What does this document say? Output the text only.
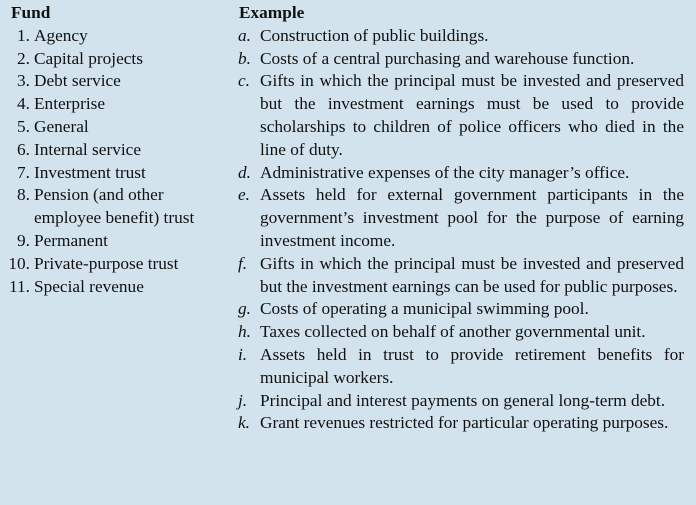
Fund
1. Agency
2. Capital projects
3. Debt service
4. Enterprise
5. General
6. Internal service
7. Investment trust
8. Pension (and other employee benefit) trust
9. Permanent
10. Private-purpose trust
11. Special revenue
Example
a. Construction of public buildings.
b. Costs of a central purchasing and warehouse function.
c. Gifts in which the principal must be invested and preserved but the investment earnings must be used to provide scholarships to children of police officers who died in the line of duty.
d. Administrative expenses of the city manager’s office.
e. Assets held for external government participants in the government’s investment pool for the purpose of earning investment income.
f. Gifts in which the principal must be invested and preserved but the investment earnings can be used for public purposes.
g. Costs of operating a municipal swimming pool.
h. Taxes collected on behalf of another governmental unit.
i. Assets held in trust to provide retirement benefits for municipal workers.
j. Principal and interest payments on general long-term debt.
k. Grant revenues restricted for particular operating purposes.
